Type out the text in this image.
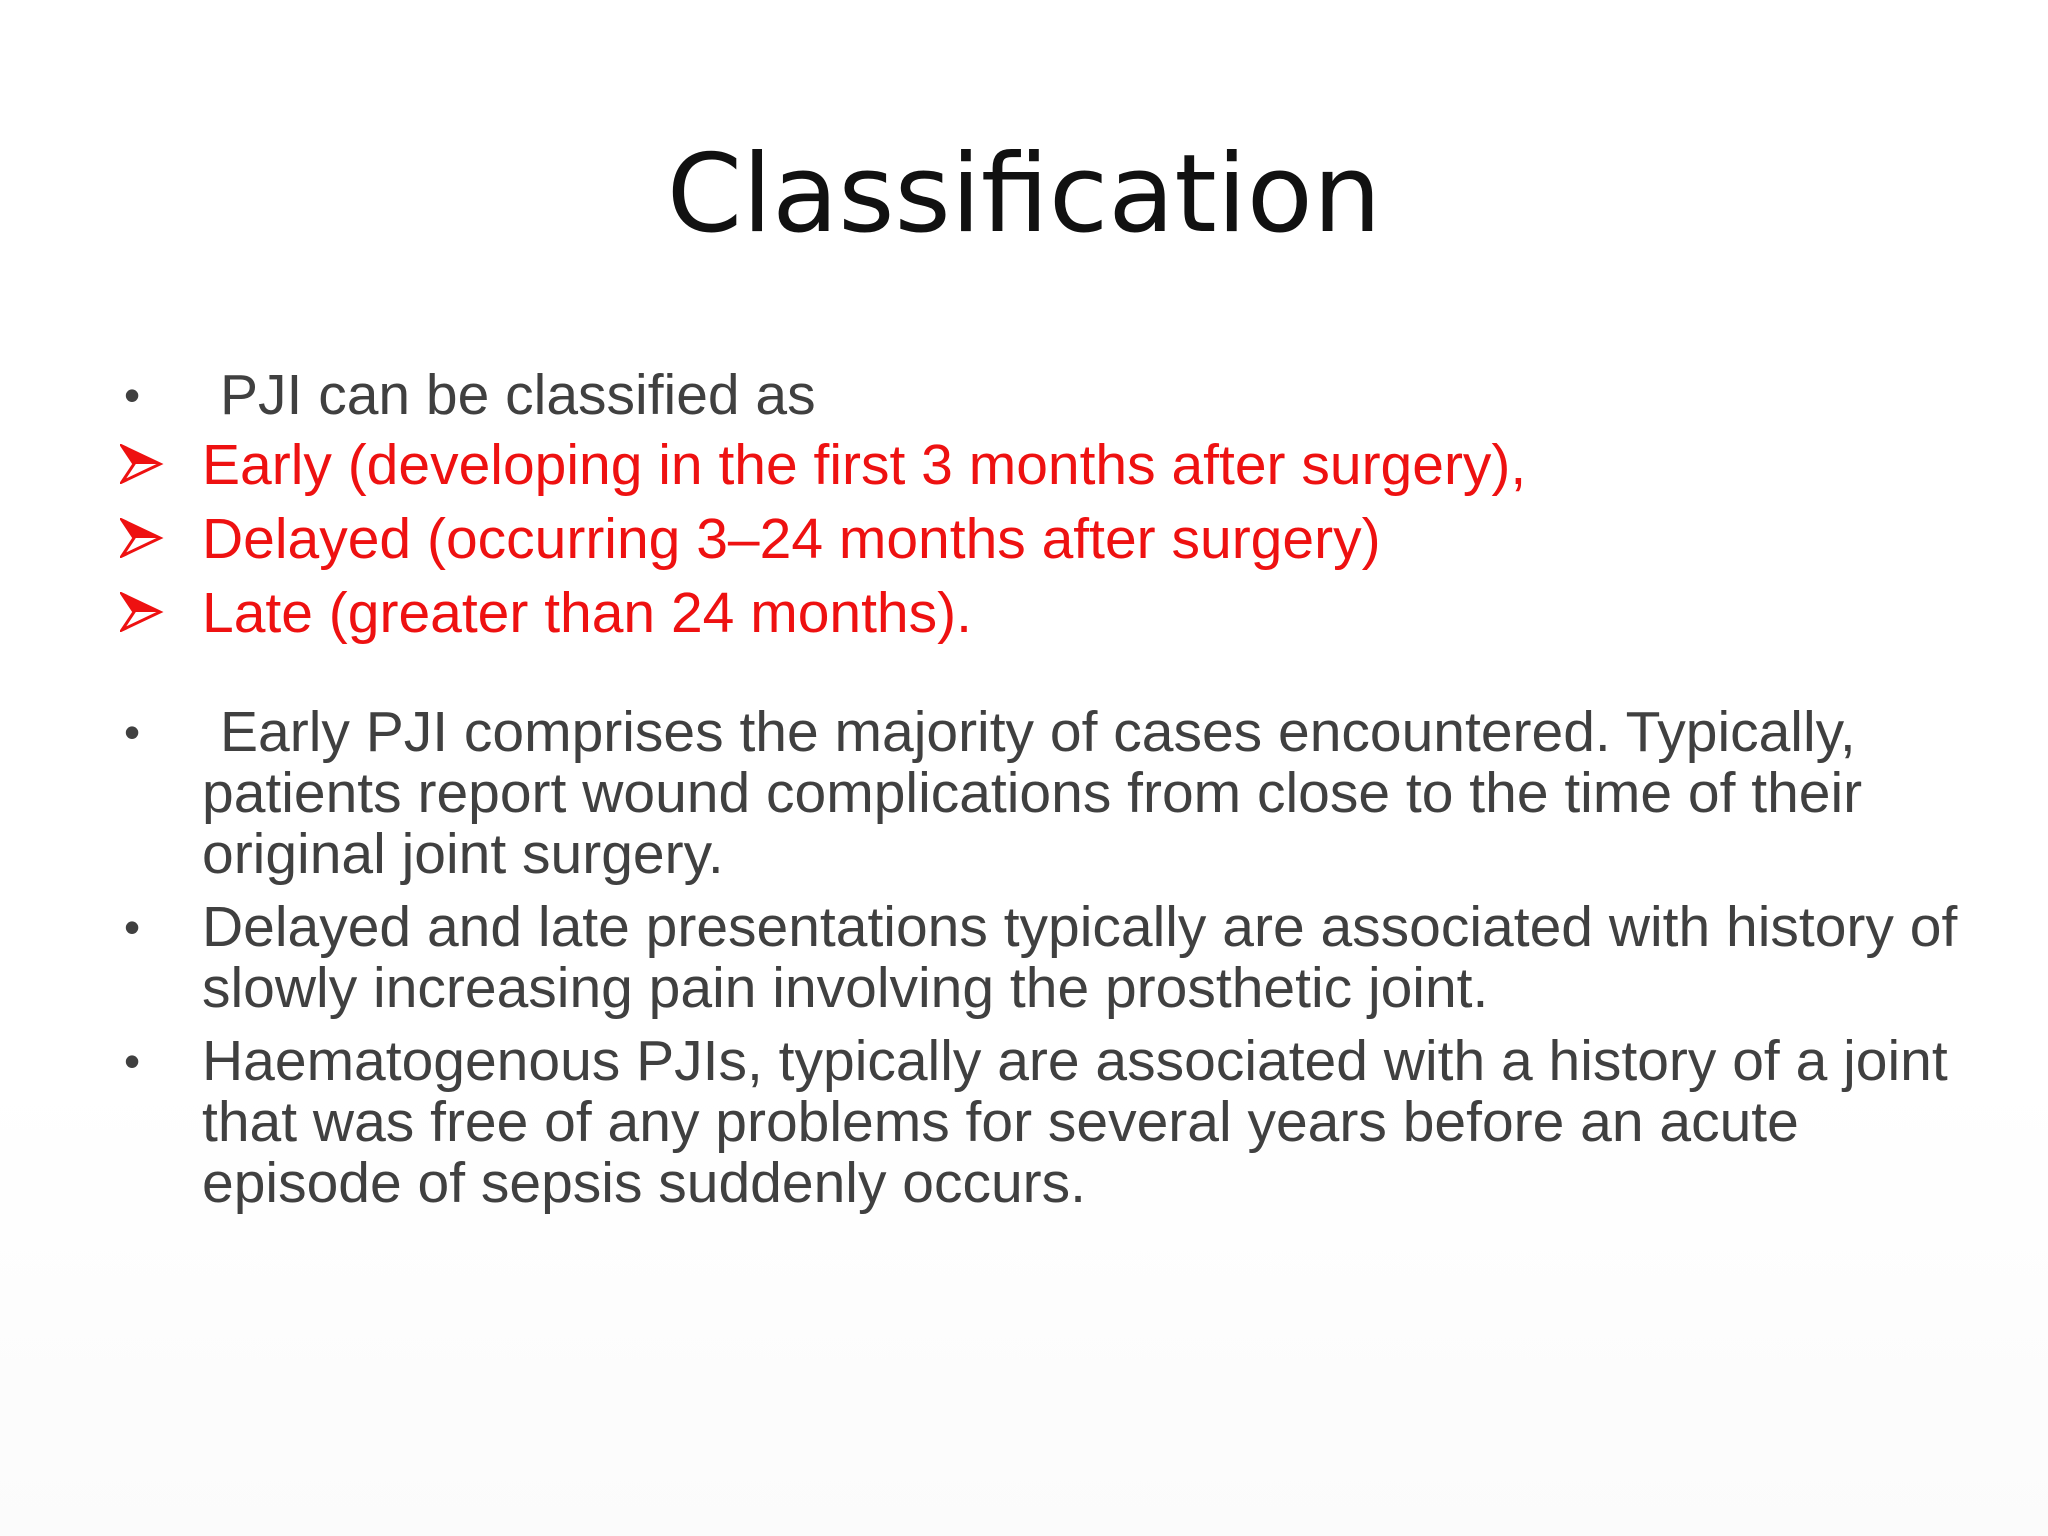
Classification
•	PJI can be classified as
Early (developing in the first 3 months after surgery),
Delayed (occurring 3–24 months after surgery)
Late (greater than 24 months).
•	Early PJI comprises the majority of cases encountered. Typically, patients report wound complications from close to the time of their original joint surgery.
•	Delayed and late presentations typically are associated with history of slowly increasing pain involving the prosthetic joint.
•	Haematogenous PJIs, typically are associated with a history of a joint that was free of any problems for several years before an acute episode of sepsis suddenly occurs.
